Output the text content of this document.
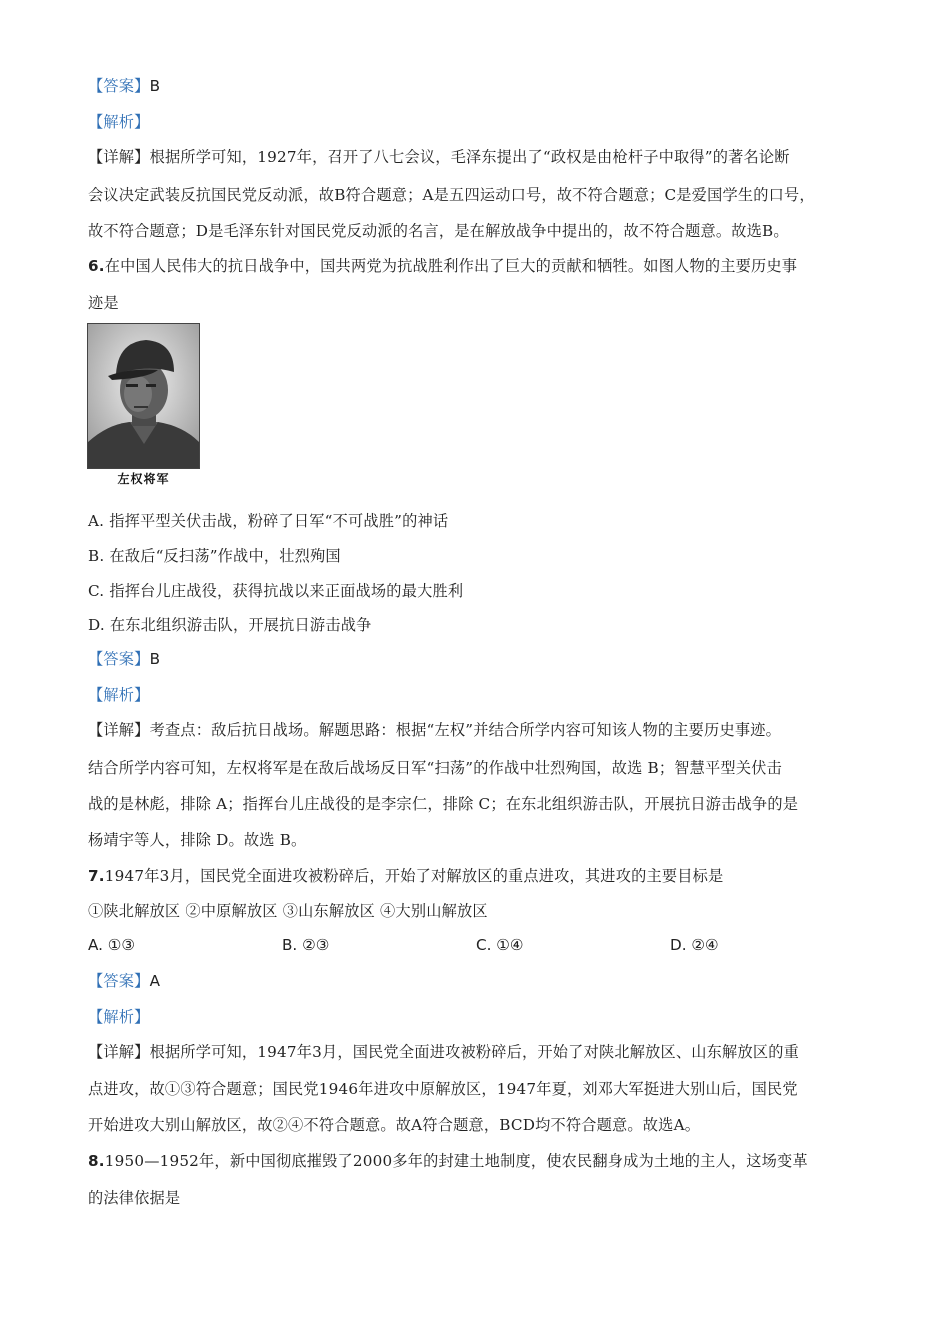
【答案】B
【解析】
【详解】根据所学可知，1927年，召开了八七会议，毛泽东提出了“政权是由枪杆子中取得”的著名论断
会议决定武装反抗国民党反动派，故B符合题意；A是五四运动口号，故不符合题意；C是爱国学生的口号，
故不符合题意；D是毛泽东针对国民党反动派的名言，是在解放战争中提出的，故不符合题意。故选B。
6.在中国人民伟大的抗日战争中，国共两党为抗战胜利作出了巨大的贡献和牺牲。如图人物的主要历史事
迹是
左权将军
A. 指挥平型关伏击战，粉碎了日军“不可战胜”的神话
B. 在敌后“反扫荡”作战中，壮烈殉国
C. 指挥台儿庄战役，获得抗战以来正面战场的最大胜利
D. 在东北组织游击队，开展抗日游击战争
【答案】B
【解析】
【详解】考查点：敌后抗日战场。解题思路：根据“左权”并结合所学内容可知该人物的主要历史事迹。
结合所学内容可知，左权将军是在敌后战场反日军“扫荡”的作战中壮烈殉国，故选 B；智慧平型关伏击
战的是林彪，排除 A；指挥台儿庄战役的是李宗仁，排除 C；在东北组织游击队，开展抗日游击战争的是
杨靖宇等人，排除 D。故选 B。
7.1947年3月，国民党全面进攻被粉碎后，开始了对解放区的重点进攻，其进攻的主要目标是
①陕北解放区 ②中原解放区 ③山东解放区 ④大别山解放区
A. ①③	B. ②③	C. ①④	D. ②④
【答案】A
【解析】
【详解】根据所学可知，1947年3月，国民党全面进攻被粉碎后，开始了对陕北解放区、山东解放区的重
点进攻，故①③符合题意；国民党1946年进攻中原解放区，1947年夏，刘邓大军挺进大别山后，国民党
开始进攻大别山解放区，故②④不符合题意。故A符合题意，BCD均不符合题意。故选A。
8.1950—1952年，新中国彻底摧毁了2000多年的封建土地制度，使农民翻身成为土地的主人，这场变革
的法律依据是
